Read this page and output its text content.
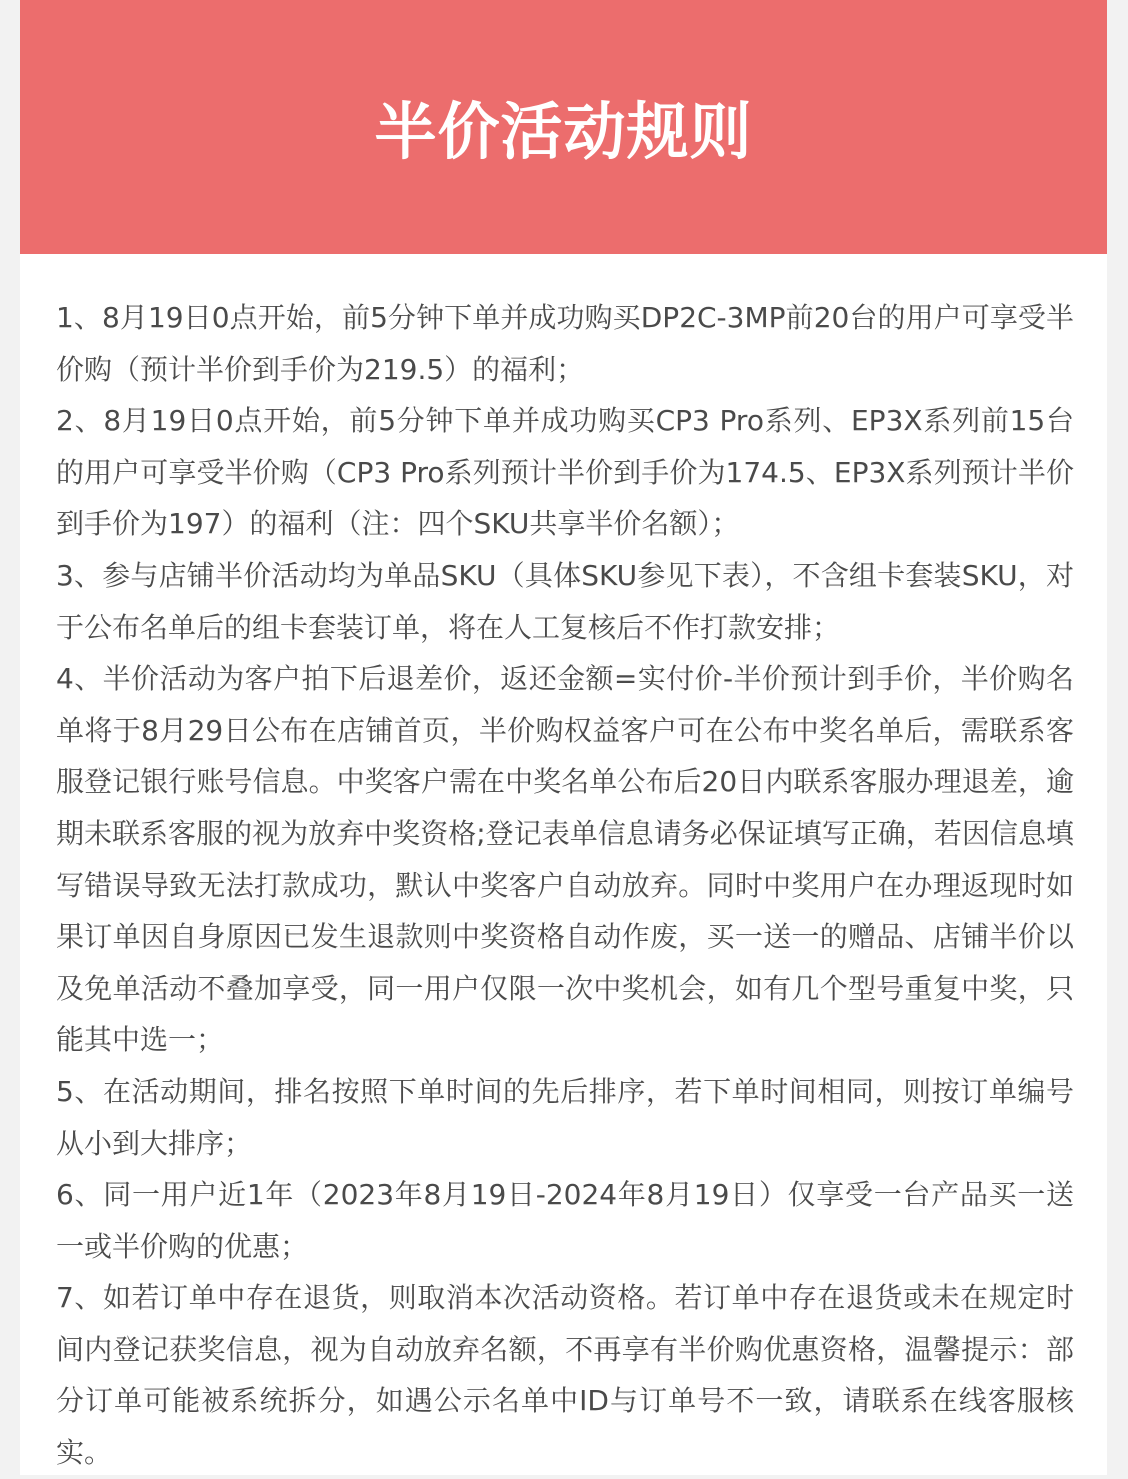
半价活动规则

1、8月19日0点开始，前5分钟下单并成功购买DP2C-3MP前20台的用户可享受半价购（预计半价到手价为219.5）的福利；

2、8月19日0点开始，前5分钟下单并成功购买CP3 Pro系列、EP3X系列前15台的用户可享受半价购（CP3 Pro系列预计半价到手价为174.5、EP3X系列预计半价到手价为197）的福利（注：四个SKU共享半价名额）；

3、参与店铺半价活动均为单品SKU（具体SKU参见下表），不含组卡套装SKU，对于公布名单后的组卡套装订单，将在人工复核后不作打款安排；

4、半价活动为客户拍下后退差价，返还金额=实付价-半价预计到手价，半价购名单将于8月29日公布在店铺首页，半价购权益客户可在公布中奖名单后，需联系客服登记银行账号信息。中奖客户需在中奖名单公布后20日内联系客服办理退差，逾期未联系客服的视为放弃中奖资格;登记表单信息请务必保证填写正确，若因信息填写错误导致无法打款成功，默认中奖客户自动放弃。同时中奖用户在办理返现时如果订单因自身原因已发生退款则中奖资格自动作废，买一送一的赠品、店铺半价以及免单活动不叠加享受，同一用户仅限一次中奖机会，如有几个型号重复中奖，只能其中选一；

5、在活动期间，排名按照下单时间的先后排序，若下单时间相同，则按订单编号从小到大排序；

6、同一用户近1年（2023年8月19日-2024年8月19日）仅享受一台产品买一送一或半价购的优惠；

7、如若订单中存在退货，则取消本次活动资格。若订单中存在退货或未在规定时间内登记获奖信息，视为自动放弃名额，不再享有半价购优惠资格，温馨提示：部分订单可能被系统拆分，如遇公示名单中ID与订单号不一致，请联系在线客服核实。
